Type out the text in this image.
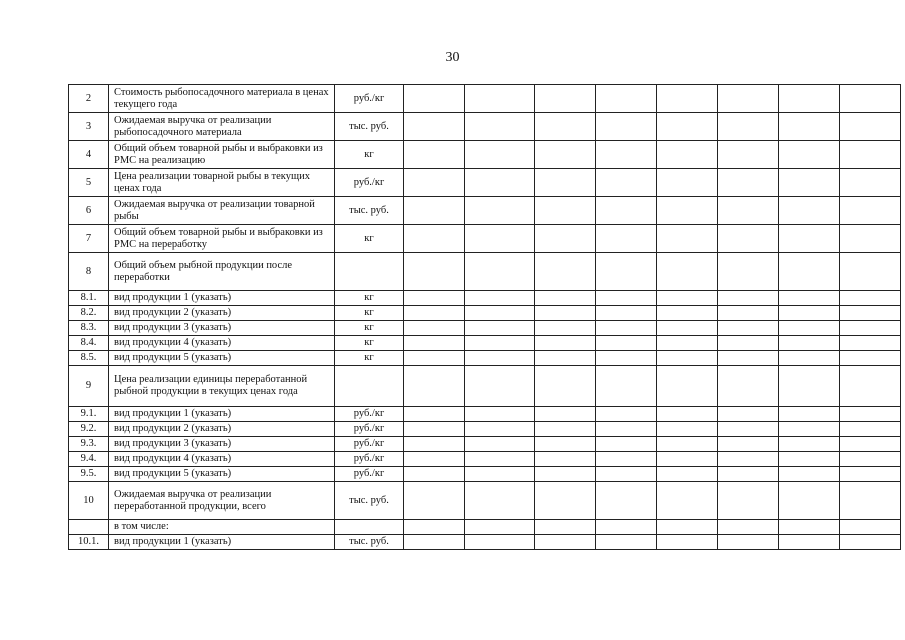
30
2	Стоимость рыбопосадочного материала в ценах текущего года	руб./кг								
3	Ожидаемая выручка от реализации рыбопосадочного материала	тыс. руб.								
4	Общий объем товарной рыбы и выбраковки из РМС на реализацию	кг								
5	Цена реализации товарной рыбы в текущих ценах года	руб./кг								
6	Ожидаемая выручка от реализации товарной рыбы	тыс. руб.								
7	Общий объем товарной рыбы и выбраковки из РМС на переработку	кг								
8	Общий объем рыбной продукции после переработки									
8.1.	вид продукции 1 (указать)	кг								
8.2.	вид продукции 2 (указать)	кг								
8.3.	вид продукции 3 (указать)	кг								
8.4.	вид продукции 4 (указать)	кг								
8.5.	вид продукции 5 (указать)	кг								
9	Цена реализации единицы переработанной рыбной продукции в текущих ценах года									
9.1.	вид продукции 1 (указать)	руб./кг								
9.2.	вид продукции 2 (указать)	руб./кг								
9.3.	вид продукции 3 (указать)	руб./кг								
9.4.	вид продукции 4 (указать)	руб./кг								
9.5.	вид продукции 5 (указать)	руб./кг								
10	Ожидаемая выручка от реализации переработанной продукции, всего	тыс. руб.								
	в том числе:									
10.1.	вид продукции 1 (указать)	тыс. руб.								
